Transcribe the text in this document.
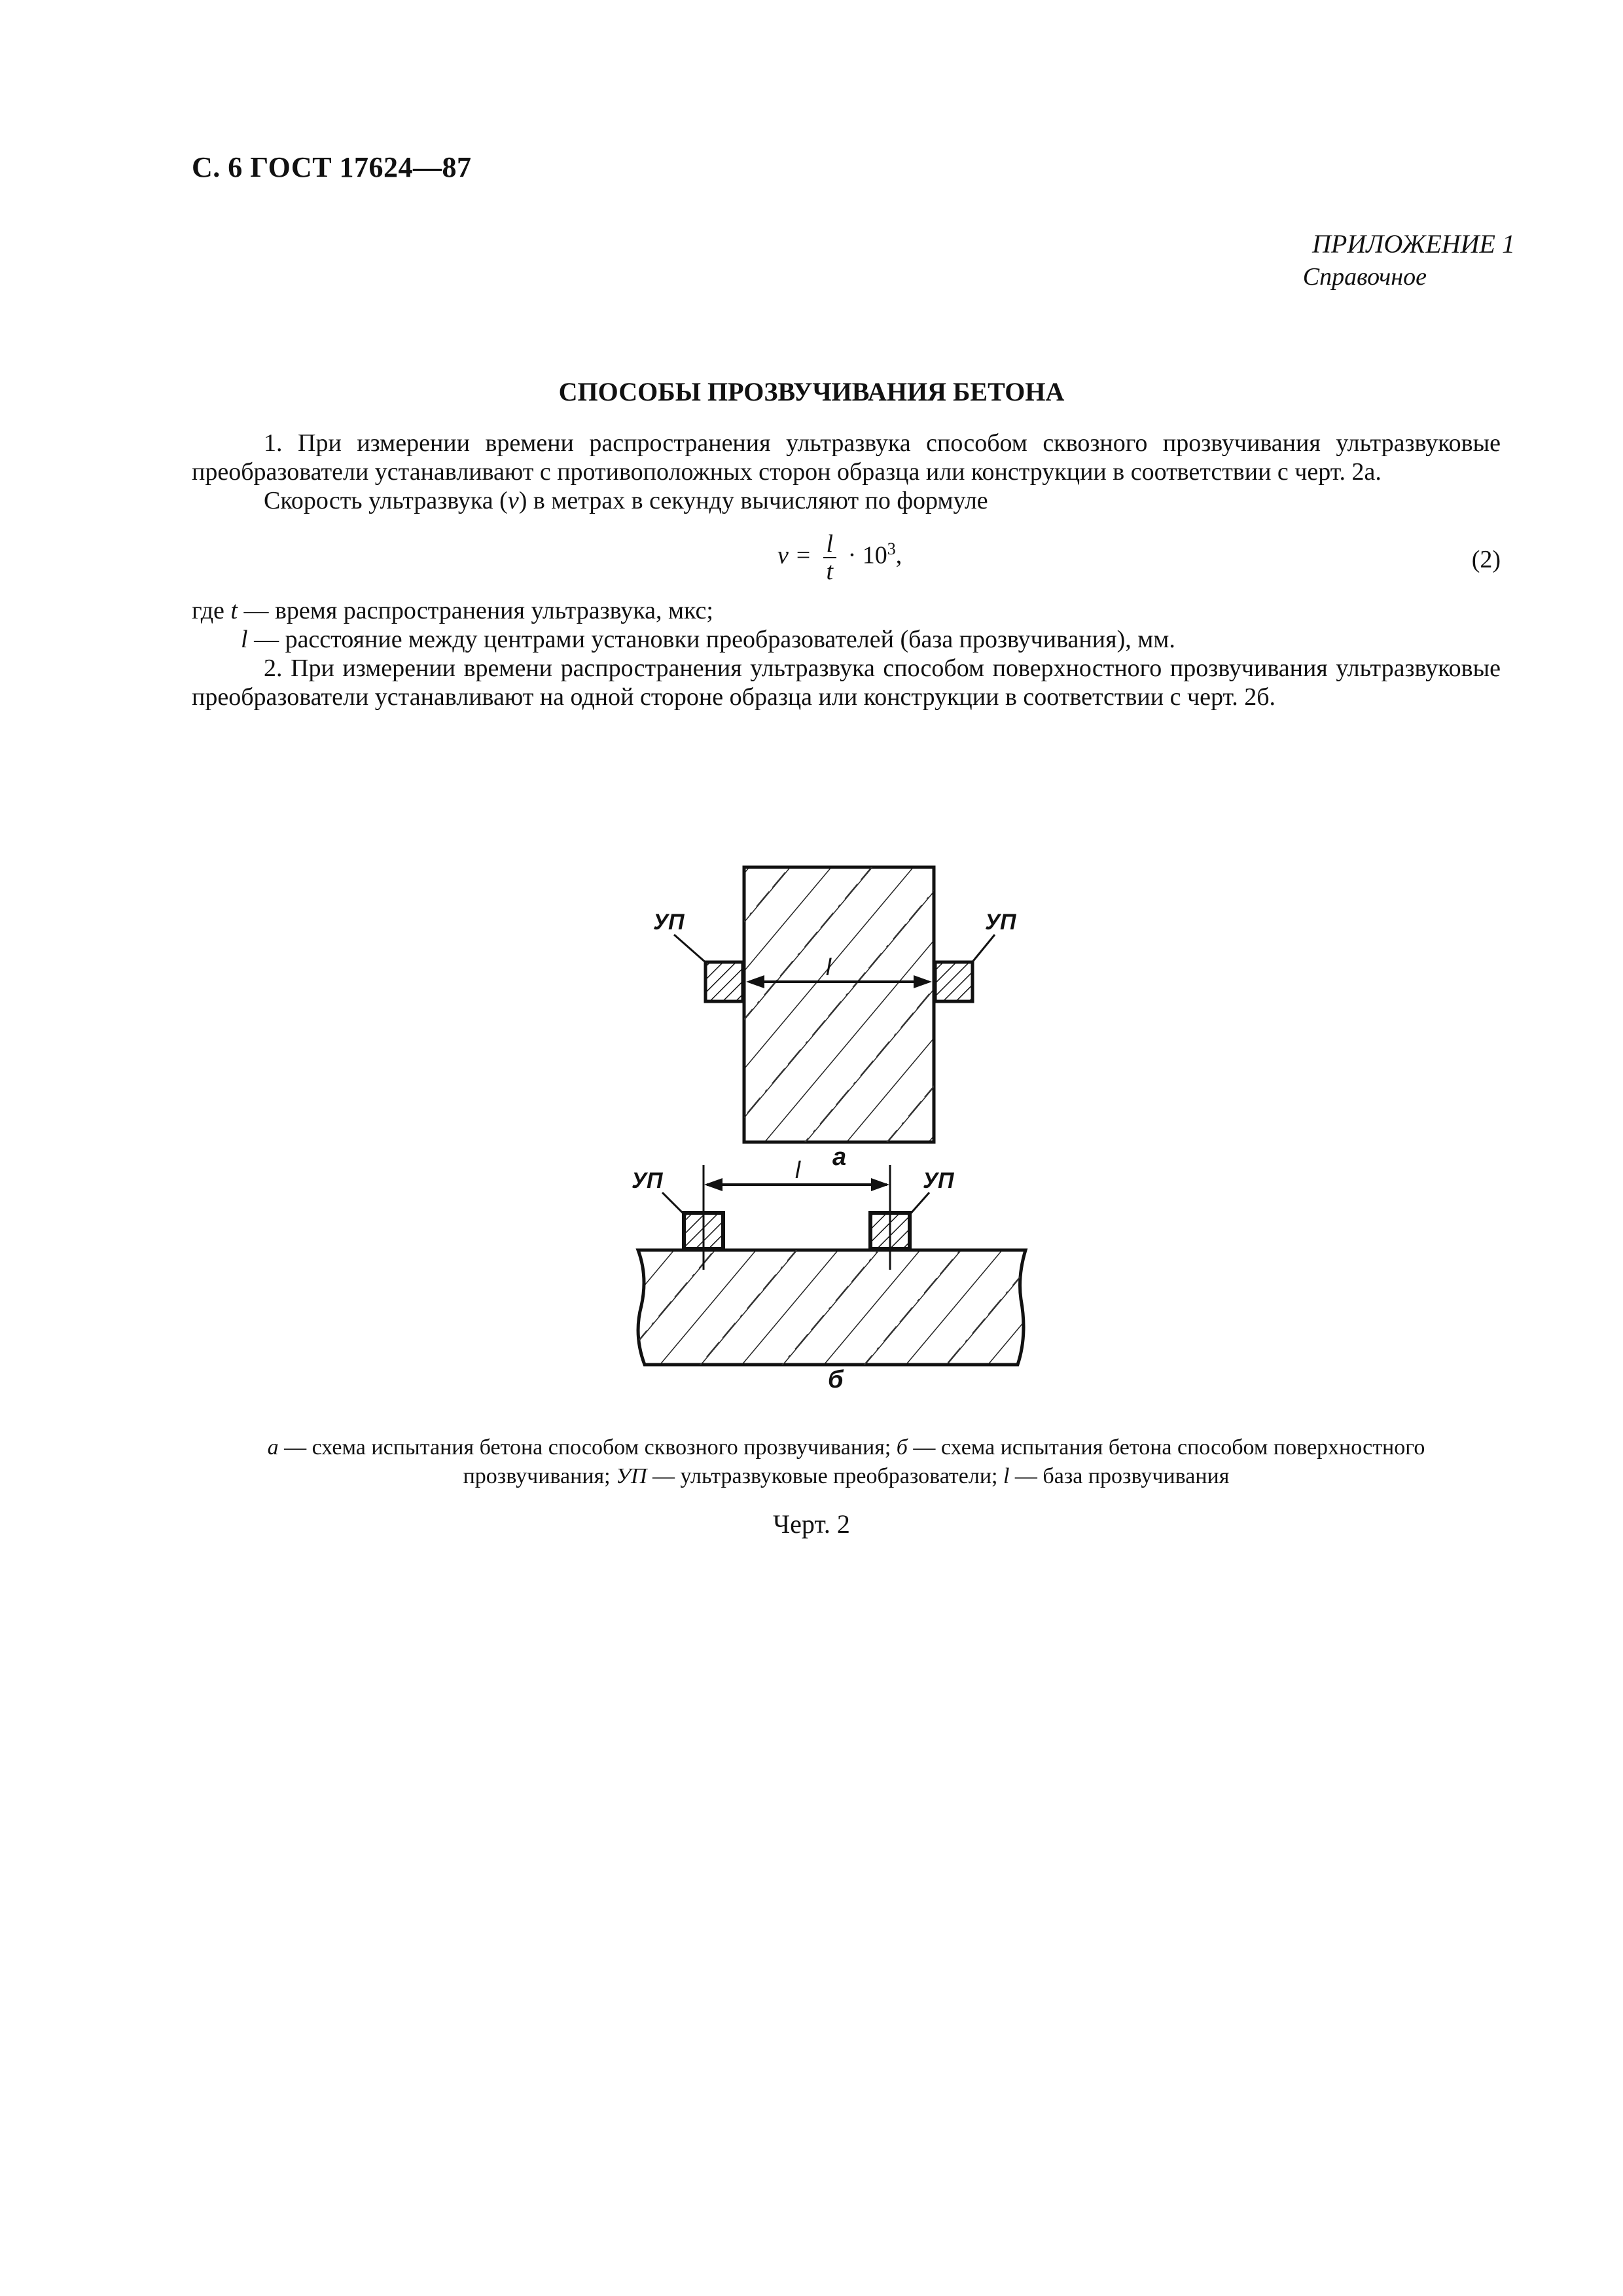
С. 6 ГОСТ 17624—87
ПРИЛОЖЕНИЕ 1
Справочное
СПОСОБЫ ПРОЗВУЧИВАНИЯ БЕТОНА

1. При измерении времени распространения ультразвука способом сквозного прозвучивания ультразвуковые преобразователи устанавливают с противоположных сторон образца или конструкции в соответствии с черт. 2а.

Скорость ультразвука (v) в метрах в секунду вычисляют по формуле

$v = \frac{l}{t} \cdot 10^3$,	(2)

где t — время распространения ультразвука, мкс;

l — расстояние между центрами установки преобразователей (база прозвучивания), мм.

2. При измерении времени распространения ультразвука способом поверхностного прозвучивания ультразвуковые преобразователи устанавливают на одной стороне образца или конструкции в соответствии с черт. 2б.

УП	УП
l
а
УП	УП
l
б
а — схема испытания бетона способом сквозного прозвучивания; б — схема испытания бетона способом поверхностного прозвучивания; УП — ультразвуковые преобразователи; l — база прозвучивания
Черт. 2
